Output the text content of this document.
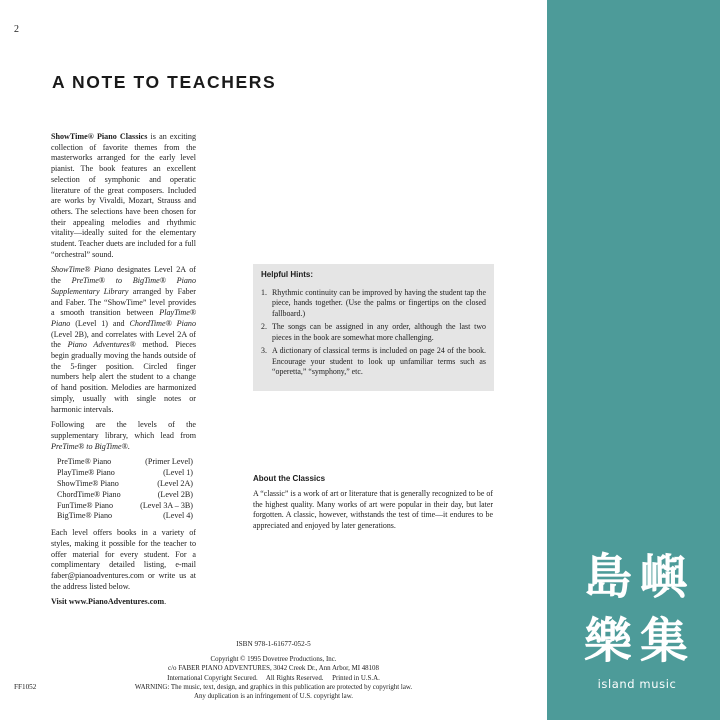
2
A NOTE TO TEACHERS

ShowTime® Piano Classics is an exciting collection of favorite themes from the masterworks arranged for the early level pianist. The book features an excellent selection of symphonic and operatic literature of the great composers. Included are works by Vivaldi, Mozart, Strauss and others. The selections have been chosen for their appealing melodies and rhythmic vitality—ideally suited for the elementary student. Teacher duets are included for a full “orchestral” sound.

ShowTime® Piano designates Level 2A of the PreTime® to BigTime® Piano Supplementary Library arranged by Faber and Faber. The “ShowTime” level provides a smooth transition between PlayTime® Piano (Level 1) and ChordTime® Piano (Level 2B), and correlates with Level 2A of the Piano Adventures® method. Pieces begin gradually moving the hands outside of the 5-finger position. Circled finger numbers help alert the student to a change of hand position. Melodies are harmonized simply, usually with single notes or harmonic intervals.

Following are the levels of the supplementary library, which lead from PreTime® to BigTime®.

PreTime® Piano	(Primer Level)
PlayTime® Piano	(Level 1)
ShowTime® Piano	(Level 2A)
ChordTime® Piano	(Level 2B)
FunTime® Piano	(Level 3A – 3B)
BigTime® Piano	(Level 4)

Each level offers books in a variety of styles, making it possible for the teacher to offer material for every student. For a complimentary detailed listing, e-mail faber@pianoadventures.com or write us at the address listed below.

Visit www.PianoAdventures.com.

Helpful Hints:
1. Rhythmic continuity can be improved by having the student tap the piece, hands together. (Use the palms or fingertips on the closed fallboard.)
2. The songs can be assigned in any order, although the last two pieces in the book are somewhat more challenging.
3. A dictionary of classical terms is included on page 24 of the book. Encourage your student to look up unfamiliar terms such as “operetta,” “symphony,” etc.
About the Classics
A “classic” is a work of art or literature that is generally recognized to be of the highest quality. Many works of art were popular in their day, but later forgotten. A classic, however, withstands the test of time—it endures to be appreciated and enjoyed by later generations.
ISBN 978-1-61677-052-5
Copyright © 1995 Dovetree Productions, Inc.
c/o FABER PIANO ADVENTURES, 3042 Creek Dr., Ann Arbor, MI 48108
International Copyright Secured.     All Rights Reserved.     Printed in U.S.A.
WARNING: The music, text, design, and graphics in this publication are protected by copyright law.
Any duplication is an infringement of U.S. copyright law.
FF1052
島 嶼
樂 集
island music
